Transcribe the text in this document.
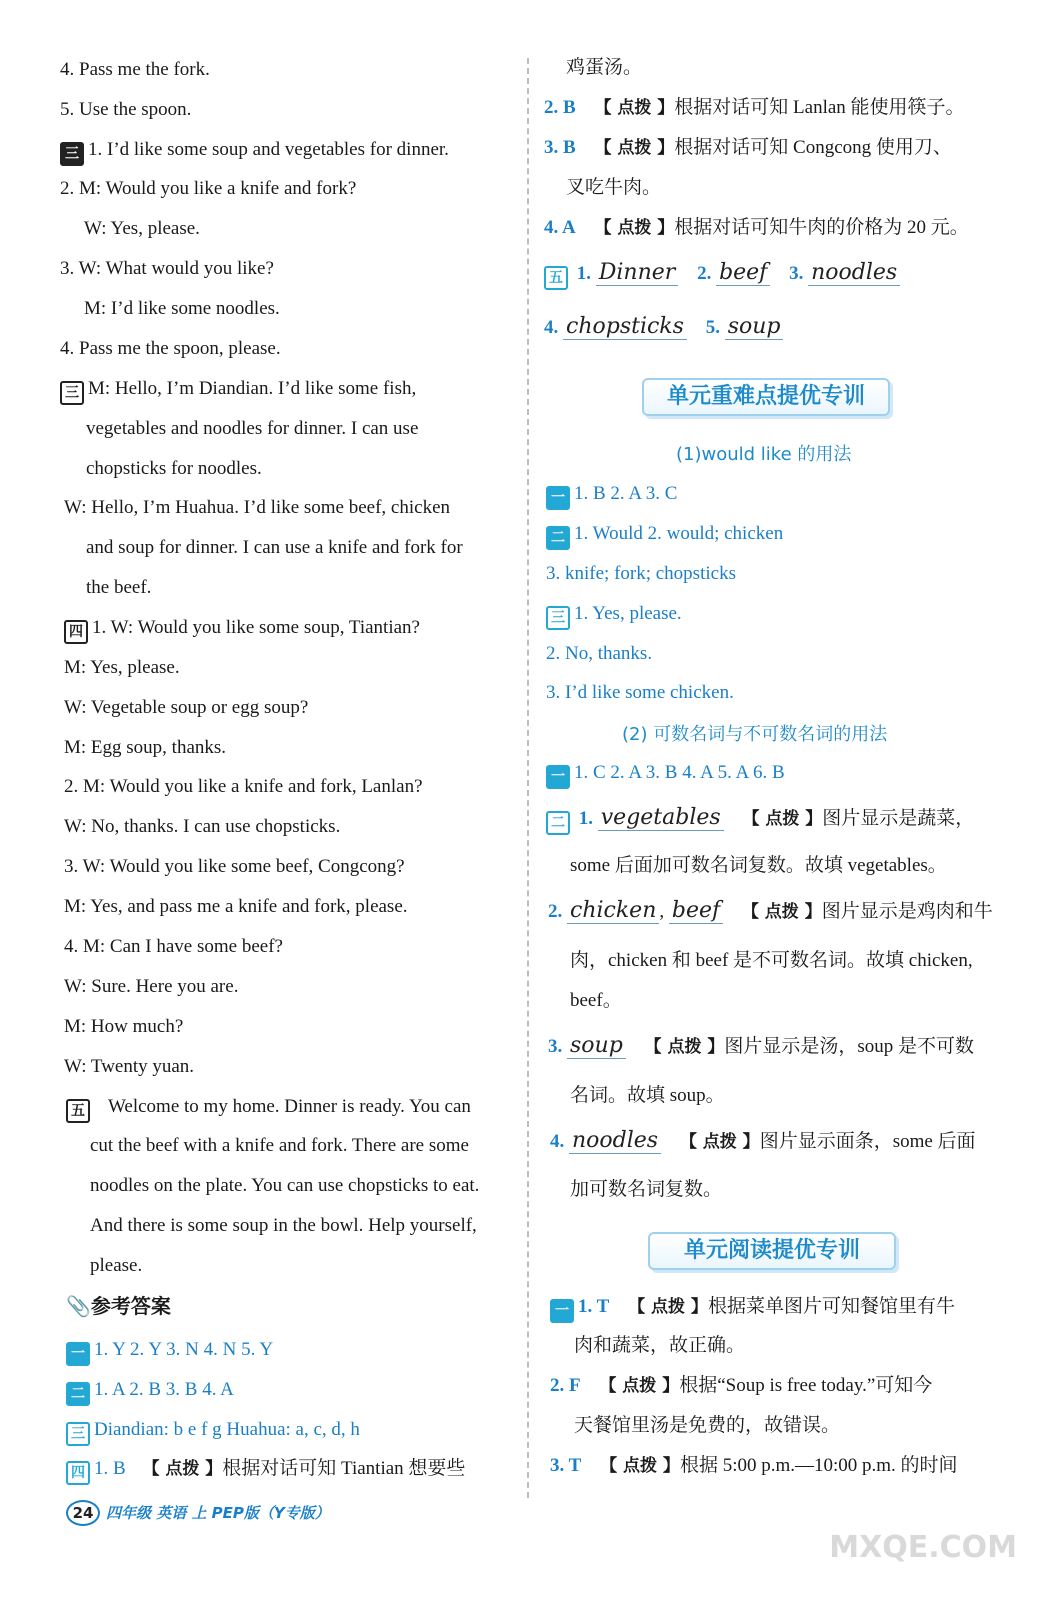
4. Pass me the fork.
5. Use the spoon.
三 1. I’d like some soup and vegetables for dinner.
2. M: Would you like a knife and fork?
W: Yes, please.
3. W: What would you like?
M: I’d like some noodles.
4. Pass me the spoon, please.
三 M: Hello, I’m Diandian. I’d like some fish,
vegetables and noodles for dinner. I can use
chopsticks for noodles.
W: Hello, I’m Huahua. I’d like some beef, chicken
and soup for dinner. I can use a knife and fork for
the beef.
四 1. W: Would you like some soup, Tiantian?
M: Yes, please.
W: Vegetable soup or egg soup?
M: Egg soup, thanks.
2. M: Would you like a knife and fork, Lanlan?
W: No, thanks. I can use chopsticks.
3. W: Would you like some beef, Congcong?
M: Yes, and pass me a knife and fork, please.
4. M: Can I have some beef?
W: Sure. Here you are.
M: How much?
W: Twenty yuan.
五 Welcome to my home. Dinner is ready. You can
cut the beef with a knife and fork. There are some
noodles on the plate. You can use chopsticks to eat.
And there is some soup in the bowl. Help yourself,
please.
📎参考答案
一 1. Y 2. Y 3. N 4. N 5. Y
二 1. A 2. B 3. B 4. A
三 Diandian: b e f g Huahua: a, c, d, h
四 1. B 【 点拨 】根据对话可知 Tiantian 想要些
鸡蛋汤。
2. B 【 点拨 】根据对话可知 Lanlan 能使用筷子。
3. B 【 点拨 】根据对话可知 Congcong 使用刀、
叉吃牛肉。
4. A 【 点拨 】根据对话可知牛肉的价格为 20 元。
五 1. Dinner 2. beef 3. noodles
4. chopsticks 5. soup
单元重难点提优专训
(1)would like 的用法
一 1. B 2. A 3. C
二 1. Would 2. would; chicken
3. knife; fork; chopsticks
三 1. Yes, please.
2. No, thanks.
3. I’d like some chicken.
(2) 可数名词与不可数名词的用法
一 1. C 2. A 3. B 4. A 5. A 6. B
二 1. vegetables 【 点拨 】图片显示是蔬菜，
some 后面加可数名词复数。故填 vegetables。
2. chicken , beef 【 点拨 】图片显示是鸡肉和牛
肉，chicken 和 beef 是不可数名词。故填 chicken,
beef。
3. soup 【 点拨 】图片显示是汤，soup 是不可数
名词。故填 soup。
4. noodles 【 点拨 】图片显示面条，some 后面
加可数名词复数。
单元阅读提优专训
一 1. T 【 点拨 】根据菜单图片可知餐馆里有牛
肉和蔬菜，故正确。
2. F 【 点拨 】根据“Soup is free today.”可知今
天餐馆里汤是免费的，故错误。
3. T 【 点拨 】根据 5:00 p.m.—10:00 p.m. 的时间
24 四年级 英语 上 PEP版（Y专版）
MXQE.COM
